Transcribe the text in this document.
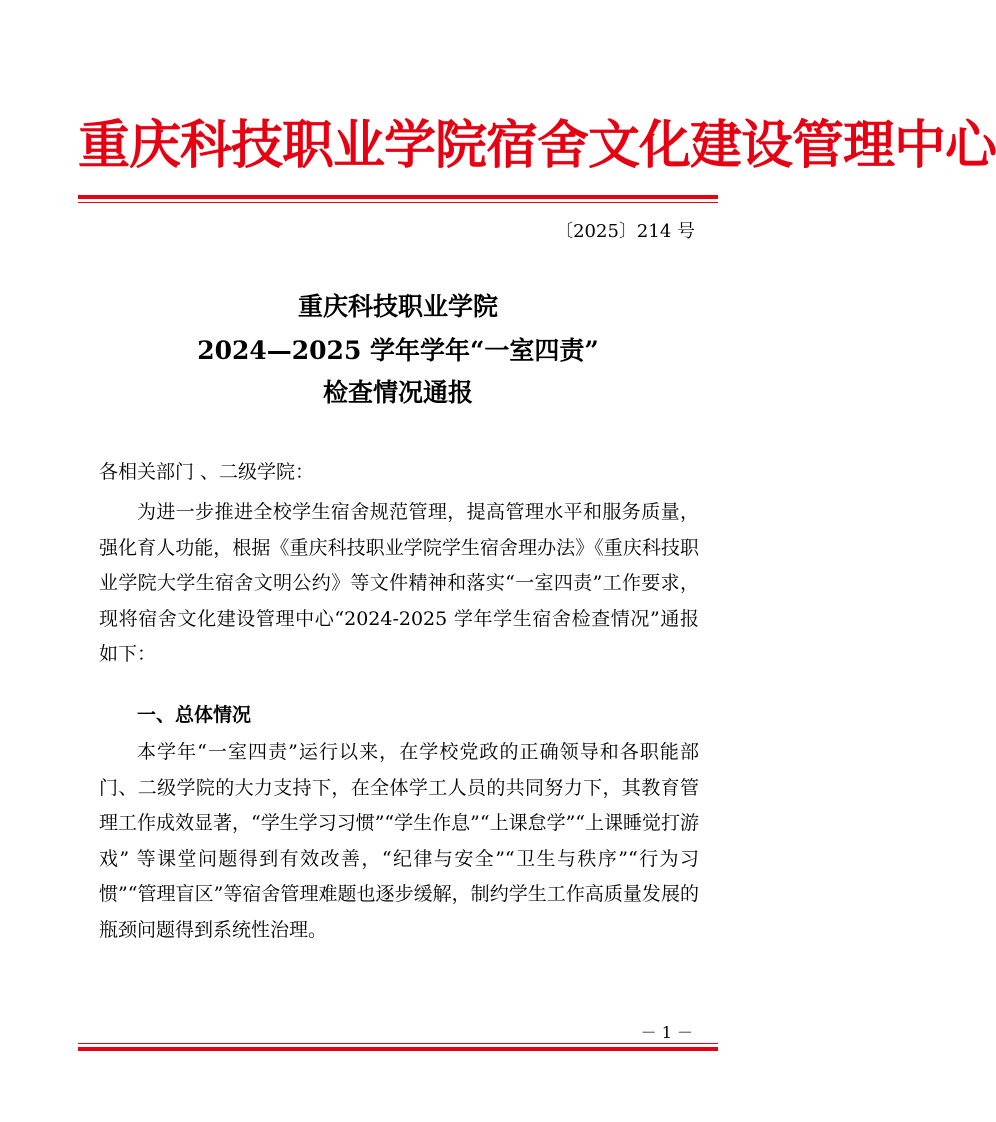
重庆科技职业学院宿舍文化建设管理中心
〔2025〕214 号
重庆科技职业学院
2024—2025 学年学年“一室四责”
检查情况通报

各相关部门 、二级学院：

为进一步推进全校学生宿舍规范管理，提高管理水平和服务质量，强化育人功能，根据《重庆科技职业学院学生宿舍理办法》《重庆科技职业学院大学生宿舍文明公约》等文件精神和落实“一室四责”工作要求，现将宿舍文化建设管理中心“2024-2025 学年学生宿舍检查情况”通报如下：

一、总体情况

本学年“一室四责”运行以来，在学校党政的正确领导和各职能部门、二级学院的大力支持下，在全体学工人员的共同努力下，其教育管理工作成效显著，“学生学习习惯”“学生作息”“上课怠学”“上课睡觉打游戏” 等课堂问题得到有效改善，“纪律与安全”“卫生与秩序”“行为习惯”“管理盲区”等宿舍管理难题也逐步缓解，制约学生工作高质量发展的瓶颈问题得到系统性治理。

－ 1 －
